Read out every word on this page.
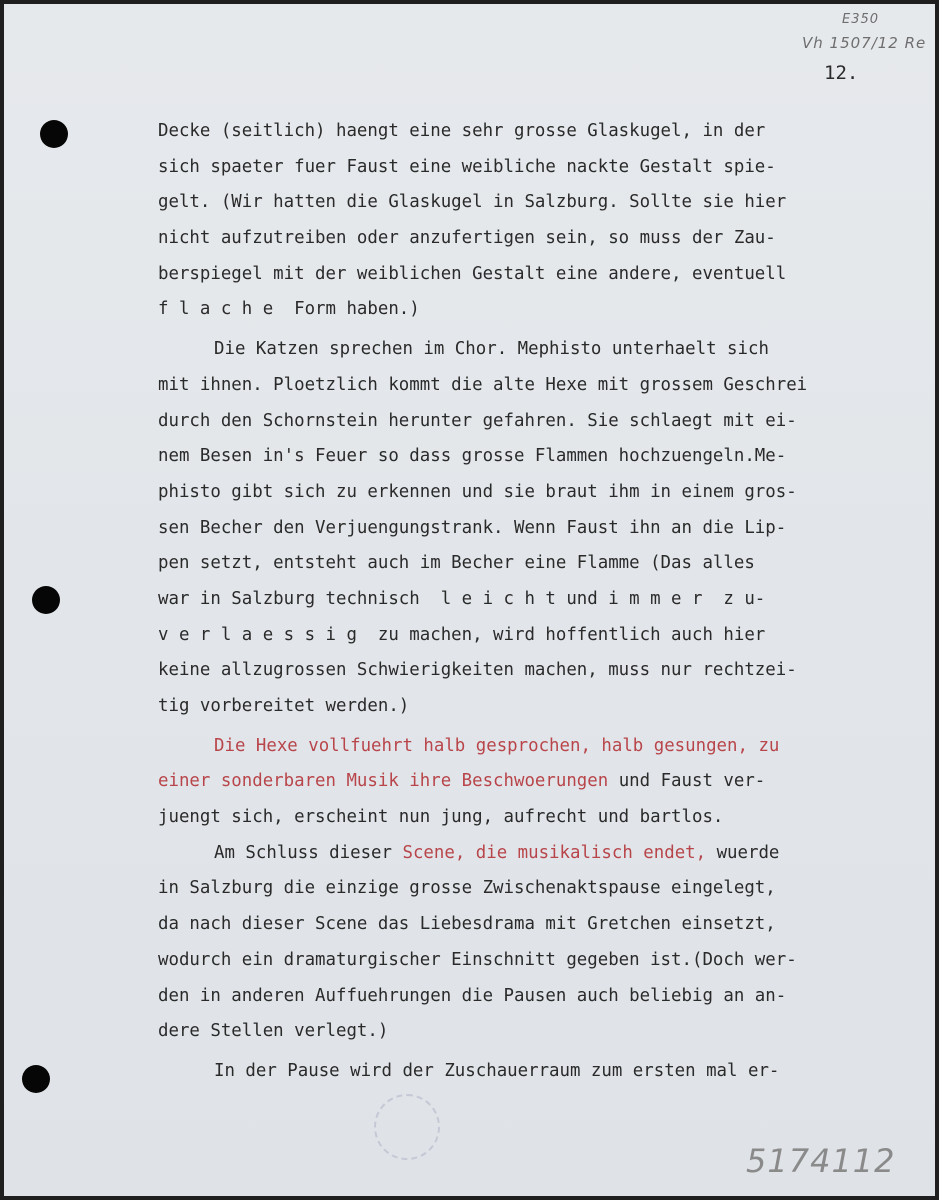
E350
Vh 1507/12 Re
12.
Decke (seitlich) haengt eine sehr grosse Glaskugel, in der
sich spaeter fuer Faust eine weibliche nackte Gestalt spie-
gelt. (Wir hatten die Glaskugel in Salzburg. Sollte sie hier
nicht aufzutreiben oder anzufertigen sein, so muss der Zau-
berspiegel mit der weiblichen Gestalt eine andere, eventuell
f l a c h e  Form haben.)
Die Katzen sprechen im Chor. Mephisto unterhaelt sich
mit ihnen. Ploetzlich kommt die alte Hexe mit grossem Geschrei
durch den Schornstein herunter gefahren. Sie schlaegt mit ei-
nem Besen in's Feuer so dass grosse Flammen hochzuengeln.Me-
phisto gibt sich zu erkennen und sie braut ihm in einem gros-
sen Becher den Verjuengungstrank. Wenn Faust ihn an die Lip-
pen setzt, entsteht auch im Becher eine Flamme (Das alles
war in Salzburg technisch  l e i c h t und i m m e r  z u-
v e r l a e s s i g  zu machen, wird hoffentlich auch hier
keine allzugrossen Schwierigkeiten machen, muss nur rechtzei-
tig vorbereitet werden.)
Die Hexe vollfuehrt halb gesprochen, halb gesungen, zu
einer sonderbaren Musik ihre Beschwoerungen und Faust ver-
juengt sich, erscheint nun jung, aufrecht und bartlos.
Am Schluss dieser Scene, die musikalisch endet, wuerde
in Salzburg die einzige grosse Zwischenaktspause eingelegt,
da nach dieser Scene das Liebesdrama mit Gretchen einsetzt,
wodurch ein dramaturgischer Einschnitt gegeben ist.(Doch wer-
den in anderen Auffuehrungen die Pausen auch beliebig an an-
dere Stellen verlegt.)
In der Pause wird der Zuschauerraum zum ersten mal er-
5174112
